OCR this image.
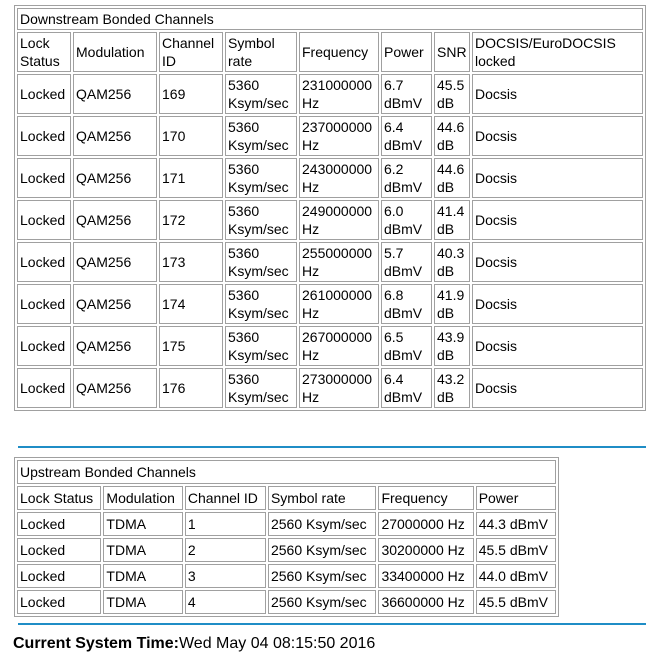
Downstream Bonded Channels
Lock Status	Modulation	Channel ID	Symbol rate	Frequency	Power	SNR	DOCSIS/EuroDOCSIS locked
Locked	QAM256	169	5360 Ksym/sec	231000000 Hz	6.7 dBmV	45.5 dB	Docsis
Locked	QAM256	170	5360 Ksym/sec	237000000 Hz	6.4 dBmV	44.6 dB	Docsis
Locked	QAM256	171	5360 Ksym/sec	243000000 Hz	6.2 dBmV	44.6 dB	Docsis
Locked	QAM256	172	5360 Ksym/sec	249000000 Hz	6.0 dBmV	41.4 dB	Docsis
Locked	QAM256	173	5360 Ksym/sec	255000000 Hz	5.7 dBmV	40.3 dB	Docsis
Locked	QAM256	174	5360 Ksym/sec	261000000 Hz	6.8 dBmV	41.9 dB	Docsis
Locked	QAM256	175	5360 Ksym/sec	267000000 Hz	6.5 dBmV	43.9 dB	Docsis
Locked	QAM256	176	5360 Ksym/sec	273000000 Hz	6.4 dBmV	43.2 dB	Docsis
Upstream Bonded Channels
Lock Status	Modulation	Channel ID	Symbol rate	Frequency	Power
Locked	TDMA	1	2560 Ksym/sec	27000000 Hz	44.3 dBmV
Locked	TDMA	2	2560 Ksym/sec	30200000 Hz	45.5 dBmV
Locked	TDMA	3	2560 Ksym/sec	33400000 Hz	44.0 dBmV
Locked	TDMA	4	2560 Ksym/sec	36600000 Hz	45.5 dBmV
Current System Time:Wed May 04 08:15:50 2016
